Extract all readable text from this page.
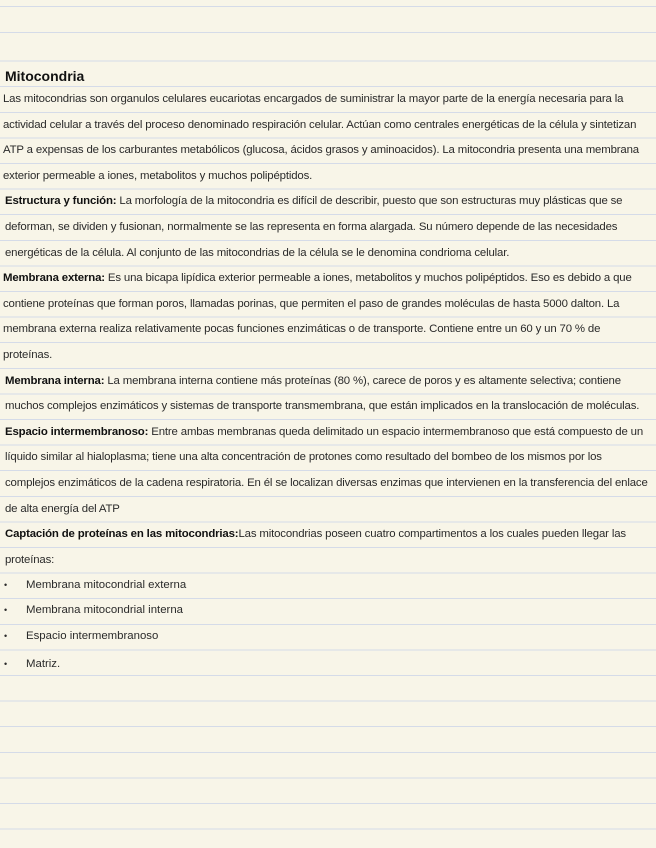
Mitocondria

Las mitocondrias son organulos celulares eucariotas encargados de suministrar la mayor parte de la energía necesaria para la actividad celular a través del proceso denominado respiración celular. Actúan como centrales energéticas de la célula y sintetizan ATP a expensas de los carburantes metabólicos (glucosa, ácidos grasos y aminoacidos). La mitocondria presenta una membrana exterior permeable a iones, metabolitos y muchos polipéptidos.

Estructura y función: La morfología de la mitocondria es difícil de describir, puesto que son estructuras muy plásticas que se deforman, se dividen y fusionan, normalmente se las representa en forma alargada. Su número depende de las necesidades energéticas de la célula. Al conjunto de las mitocondrias de la célula se le denomina condrioma celular.

Membrana externa: Es una bicapa lipídica exterior permeable a iones, metabolitos y muchos polipéptidos. Eso es debido a que contiene proteínas que forman poros, llamadas porinas, que permiten el paso de grandes moléculas de hasta 5000 dalton. La membrana externa realiza relativamente pocas funciones enzimáticas o de transporte. Contiene entre un 60 y un 70 % de proteínas.

Membrana interna: La membrana interna contiene más proteínas (80 %), carece de poros y es altamente selectiva; contiene muchos complejos enzimáticos y sistemas de transporte transmembrana, que están implicados en la translocación de moléculas.

Espacio intermembranoso: Entre ambas membranas queda delimitado un espacio intermembranoso que está compuesto de un líquido similar al hialoplasma; tiene una alta concentración de protones como resultado del bombeo de los mismos por los complejos enzimáticos de la cadena respiratoria. En él se localizan diversas enzimas que intervienen en la transferencia del enlace de alta energía del ATP

Captación de proteínas en las mitocondrias:Las mitocondrias poseen cuatro compartimentos a los cuales pueden llegar las proteínas:

• Membrana mitocondrial externa
• Membrana mitocondrial interna
• Espacio intermembranoso
• Matriz.
